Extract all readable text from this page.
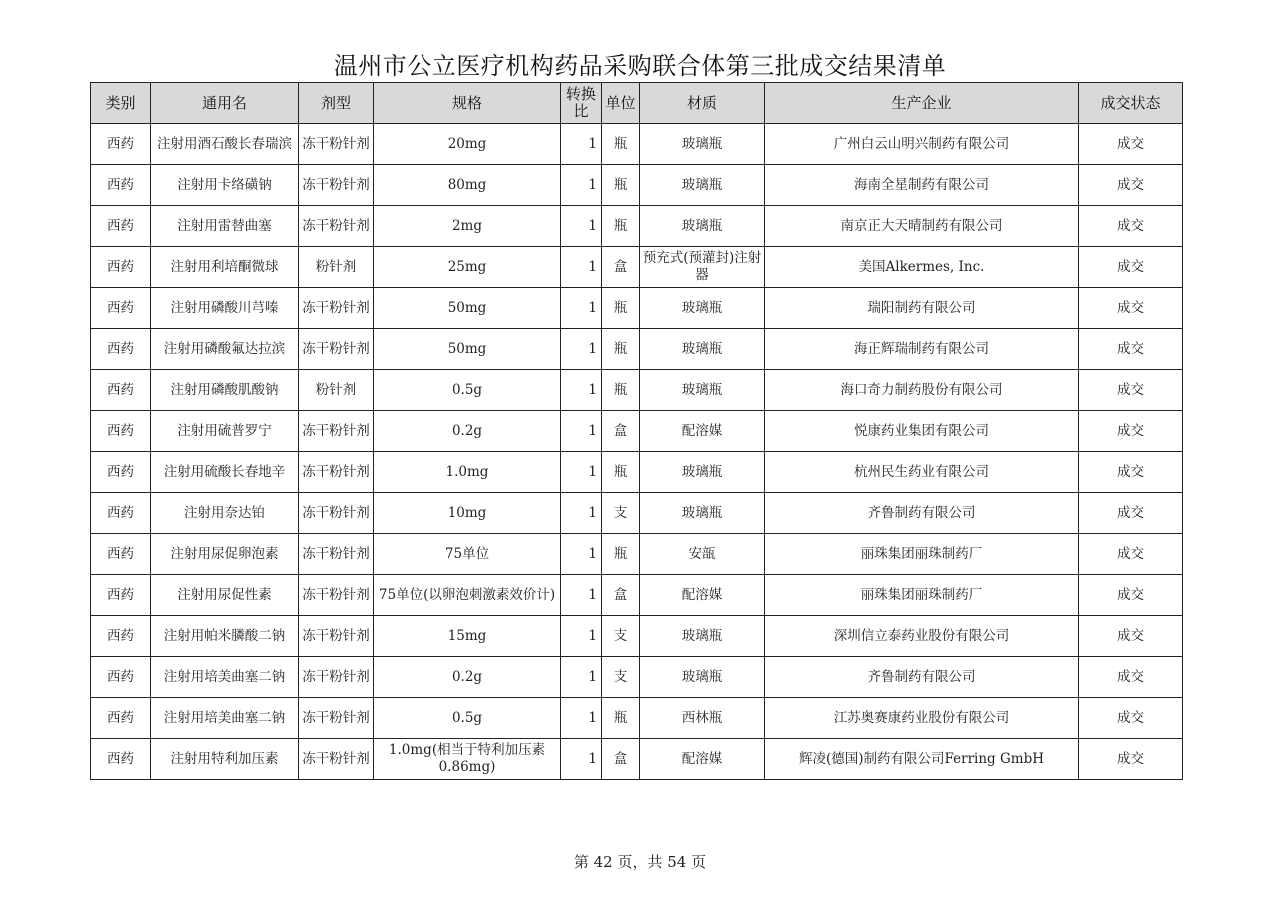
温州市公立医疗机构药品采购联合体第三批成交结果清单
类别	通用名	剂型	规格	转换比	单位	材质	生产企业	成交状态
西药	注射用酒石酸长春瑞滨	冻干粉针剂	20mg	1	瓶	玻璃瓶	广州白云山明兴制药有限公司	成交
西药	注射用卡络磺钠	冻干粉针剂	80mg	1	瓶	玻璃瓶	海南全星制药有限公司	成交
西药	注射用雷替曲塞	冻干粉针剂	2mg	1	瓶	玻璃瓶	南京正大天晴制药有限公司	成交
西药	注射用利培酮微球	粉针剂	25mg	1	盒	预充式(预灌封)注射器	美国Alkermes, Inc.	成交
西药	注射用磷酸川芎嗪	冻干粉针剂	50mg	1	瓶	玻璃瓶	瑞阳制药有限公司	成交
西药	注射用磷酸氟达拉滨	冻干粉针剂	50mg	1	瓶	玻璃瓶	海正辉瑞制药有限公司	成交
西药	注射用磷酸肌酸钠	粉针剂	0.5g	1	瓶	玻璃瓶	海口奇力制药股份有限公司	成交
西药	注射用硫普罗宁	冻干粉针剂	0.2g	1	盒	配溶媒	悦康药业集团有限公司	成交
西药	注射用硫酸长春地辛	冻干粉针剂	1.0mg	1	瓶	玻璃瓶	杭州民生药业有限公司	成交
西药	注射用奈达铂	冻干粉针剂	10mg	1	支	玻璃瓶	齐鲁制药有限公司	成交
西药	注射用尿促卵泡素	冻干粉针剂	75单位	1	瓶	安瓿	丽珠集团丽珠制药厂	成交
西药	注射用尿促性素	冻干粉针剂	75单位(以卵泡刺激素效价计)	1	盒	配溶媒	丽珠集团丽珠制药厂	成交
西药	注射用帕米膦酸二钠	冻干粉针剂	15mg	1	支	玻璃瓶	深圳信立泰药业股份有限公司	成交
西药	注射用培美曲塞二钠	冻干粉针剂	0.2g	1	支	玻璃瓶	齐鲁制药有限公司	成交
西药	注射用培美曲塞二钠	冻干粉针剂	0.5g	1	瓶	西林瓶	江苏奥赛康药业股份有限公司	成交
西药	注射用特利加压素	冻干粉针剂	1.0mg(相当于特利加压素0.86mg)	1	盒	配溶媒	辉凌(德国)制药有限公司Ferring GmbH	成交
第 42 页，共 54 页
